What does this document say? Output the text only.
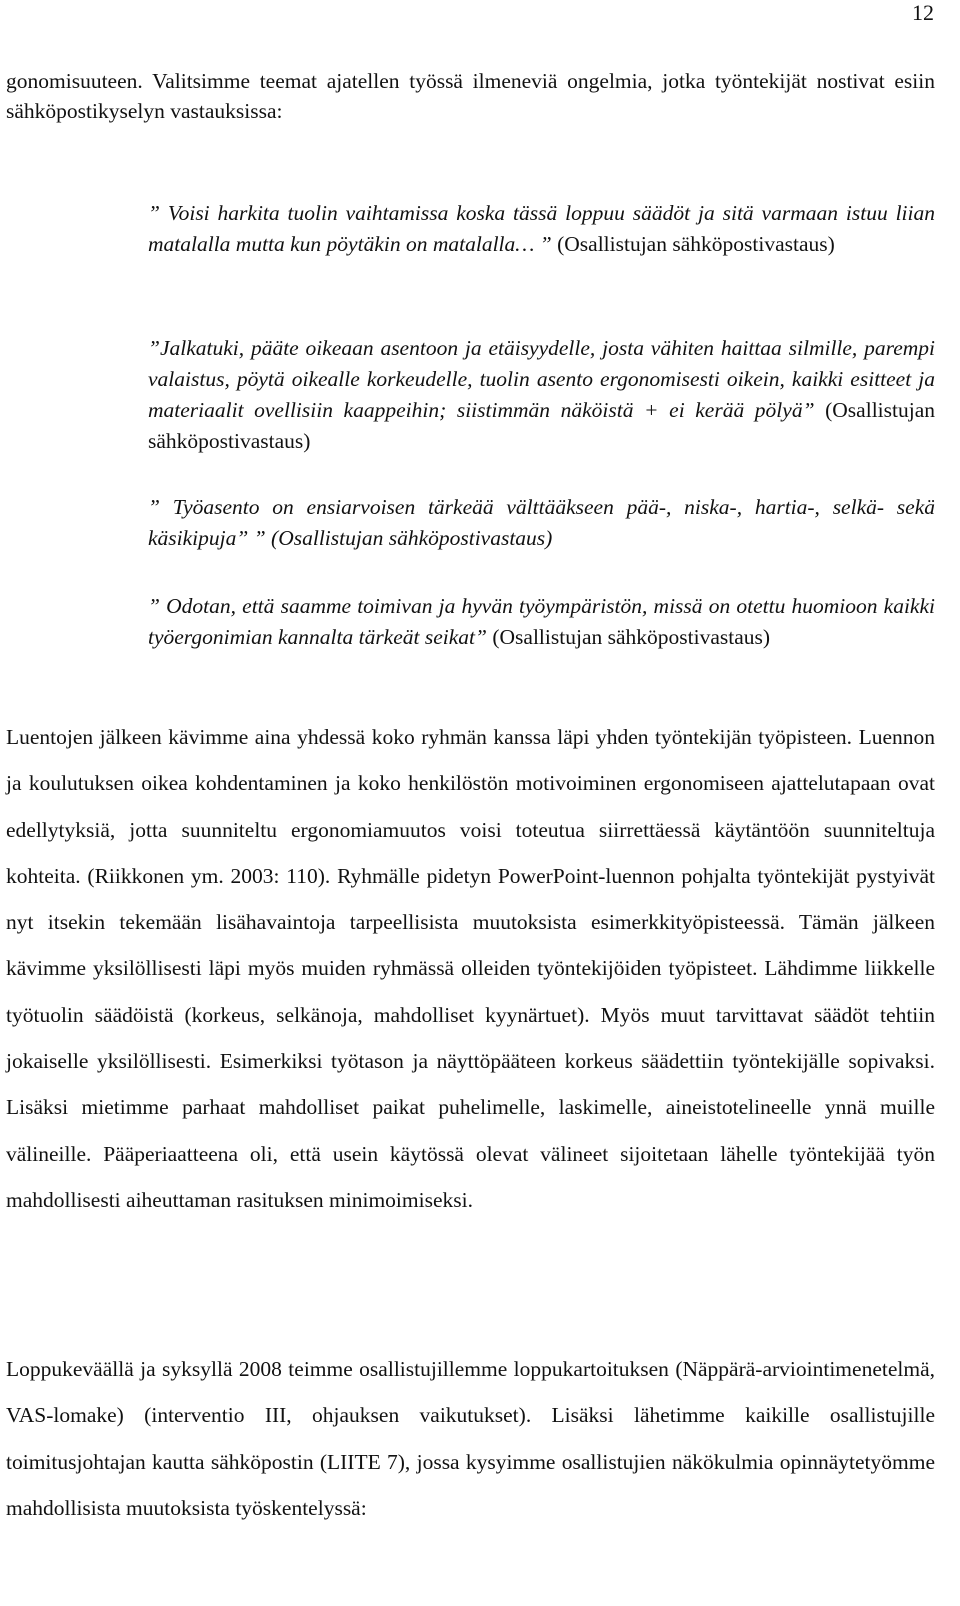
12

gonomisuuteen. Valitsimme teemat ajatellen työssä ilmeneviä ongelmia, jotka työntekijät nostivat esiin sähköpostikyselyn vastauksissa:

” Voisi harkita tuolin vaihtamissa koska tässä loppuu säädöt ja sitä varmaan istuu liian matalalla mutta kun pöytäkin on matalalla… ” (Osallistujan sähköpostivastaus)

”Jalkatuki, pääte oikeaan asentoon ja etäisyydelle, josta vähiten haittaa silmille, parempi valaistus, pöytä oikealle korkeudelle, tuolin asento ergonomisesti oikein, kaikki esitteet ja materiaalit ovellisiin kaappeihin; siistimmän näköistä + ei kerää pölyä” (Osallistujan sähköpostivastaus)

” Työasento on ensiarvoisen tärkeää välttääkseen pää-, niska-, hartia-, selkä- sekä käsikipuja” ” (Osallistujan sähköpostivastaus)

” Odotan, että saamme toimivan ja hyvän työympäristön, missä on otettu huomioon kaikki työergonimian kannalta tärkeät seikat” (Osallistujan sähköpostivastaus)

Luentojen jälkeen kävimme aina yhdessä koko ryhmän kanssa läpi yhden työntekijän työpisteen. Luennon ja koulutuksen oikea kohdentaminen ja koko henkilöstön motivoiminen ergonomiseen ajattelutapaan ovat edellytyksiä, jotta suunniteltu ergonomiamuutos voisi toteutua siirrettäessä käytäntöön suunniteltuja kohteita. (Riikkonen ym. 2003: 110). Ryhmälle pidetyn PowerPoint-luennon pohjalta työntekijät pystyivät nyt itsekin tekemään lisähavaintoja tarpeellisista muutoksista esimerkkityöpisteessä. Tämän jälkeen kävimme yksilöllisesti läpi myös muiden ryhmässä olleiden työntekijöiden työpisteet. Lähdimme liikkelle työtuolin säädöistä (korkeus, selkänoja, mahdolliset kyynärtuet). Myös muut tarvittavat säädöt tehtiin jokaiselle yksilöllisesti. Esimerkiksi työtason ja näyttöpääteen korkeus säädettiin työntekijälle sopivaksi. Lisäksi mietimme parhaat mahdolliset paikat puhelimelle, laskimelle, aineistotelineelle ynnä muille välineille. Pääperiaatteena oli, että usein käytössä olevat välineet sijoitetaan lähelle työntekijää työn mahdollisesti aiheuttaman rasituksen minimoimiseksi.

Loppukeväällä ja syksyllä 2008 teimme osallistujillemme loppukartoituksen (Näppärä-arviointimenetelmä, VAS-lomake) (interventio III, ohjauksen vaikutukset). Lisäksi lähetimme kaikille osallistujille toimitusjohtajan kautta sähköpostin (LIITE 7), jossa kysyimme osallistujien näkökulmia opinnäytetyömme mahdollisista muutoksista työskentelyssä:
